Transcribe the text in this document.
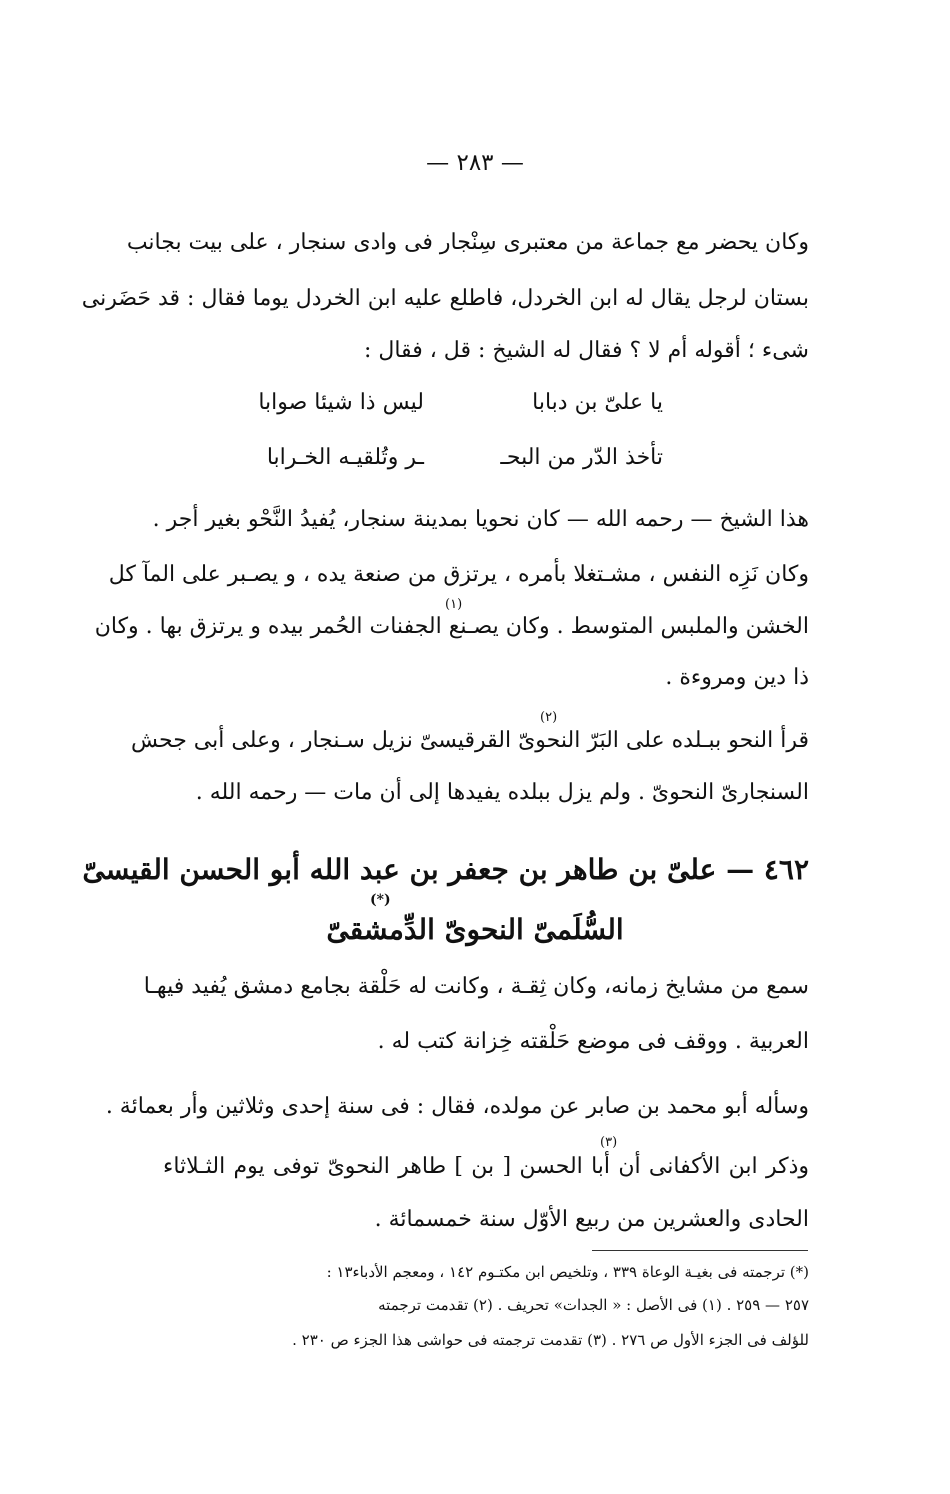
— ٢٨٣ —
وكان يحضر مع جماعة من معتبرى سِنْجار فى وادى سنجار ، على بيت بجانب
بستان لرجل يقال له ابن الخردل، فاطلع عليه ابن الخردل يوما فقال : قد حَضَرنى
شىء ؛ أقوله أم لا ؟ فقال له الشيخ : قل ، فقال :
يا علىّ بن دبابا
ليس ذا شيئا صوابا
تأخذ الدّر من البحـ
ـر وتُلقيـه الخـرابا
هذا الشيخ — رحمه الله — كان نحويا بمدينة سنجار، يُفيدُ النَّحْو بغير أجر .
وكان نَزِه النفس ، مشـتغلا بأمره ، يرتزق من صنعة يده ، و يصـبر على المآ كل
الخشن والملبس المتوسط . وكان يصـنع الجفنات الحُمر بيده و يرتزق بها . وكان
ذا دين ومروءة .
(١)
قرأ النحو ببـلده على البَرّ النحوىّ القرقيسىّ نزيل سـنجار ، وعلى أبى جحش
السنجارىّ النحوىّ . ولم يزل ببلده يفيدها إلى أن مات — رحمه الله .
(٢)
٤٦٢ — علىّ بن طاهر بن جعفر بن عبد الله أبو الحسن القيسىّ
السُّلَمىّ النحوىّ الدِّمشقىّ
(*)
سمع من مشايخ زمانه، وكان ثِقـة ، وكانت له حَلْقة بجامع دمشق يُفيد فيهـا
العربية . ووقف فى موضع حَلْقته خِزانة كتب له .
وسأله أبو محمد بن صابر عن مولده، فقال : فى سنة إحدى وثلاثين وأر بعمائة .
وذكر ابن الأكفانى أن أبا الحسن [ بن ] طاهر النحوىّ توفى يوم الثـلاثاء
الحادى والعشرين من ربيع الأوّل سنة خمسمائة .
(٣)
(*) ترجمته فى بغيـة الوعاة ٣٣٩ ، وتلخيص ابن مكتـوم ١٤٢ ، ومعجم الأدباء١٣ :
٢٥٧ — ٢٥٩ . (١) فى الأصل : « الجدات» تحريف . (٢) تقدمت ترجمته
للؤلف فى الجزء الأول ص ٢٧٦ . (٣) تقدمت ترجمته فى حواشى هذا الجزء ص ٢٣٠ .
